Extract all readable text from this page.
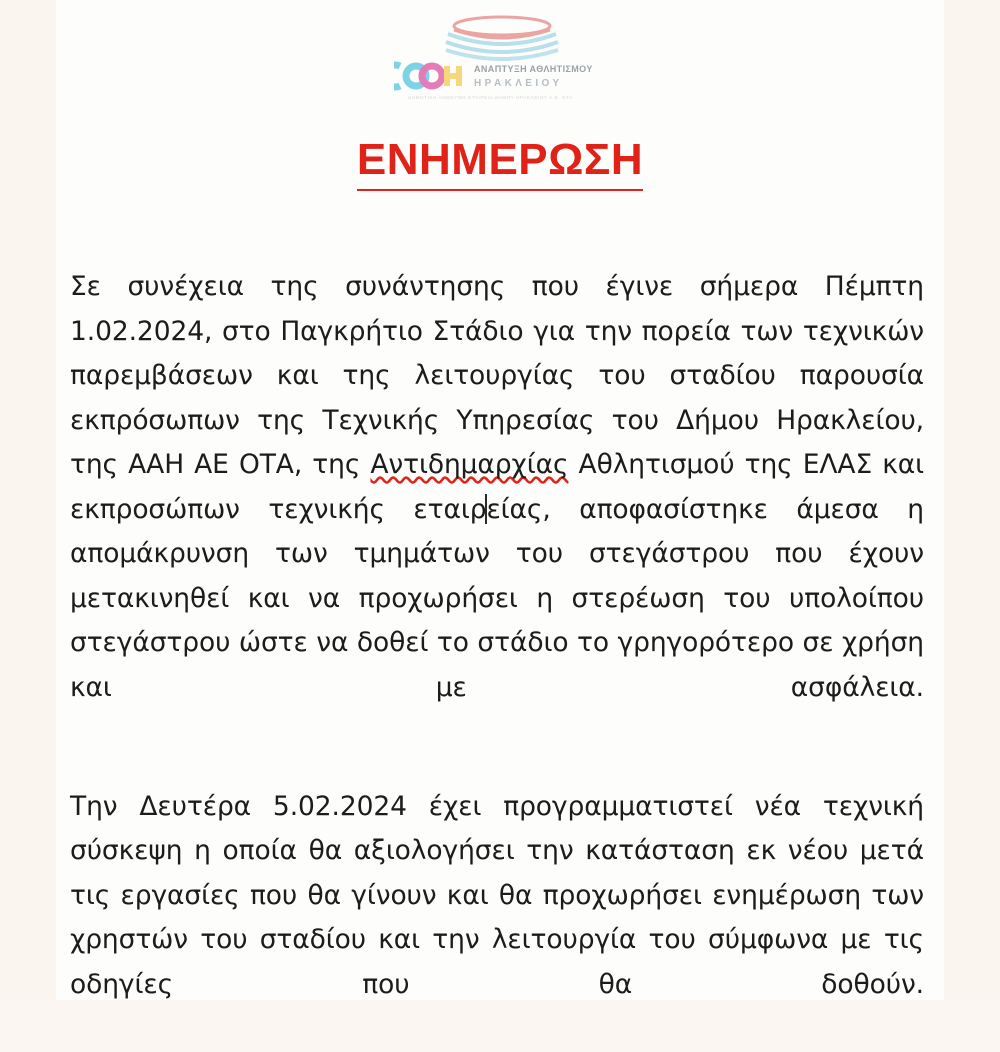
ΑΝΑΠΤΥΞΗ ΑΘΛΗΤΙΣΜΟΥ
ΗΡΑΚΛΕΙΟΥ
ΔΗΜΟΤΙΚΗ ΑΝΩΝΥΜΗ ΕΤΑΙΡΕΙΑ ΔΗΜΟΥ ΗΡΑΚΛΕΙΟΥ Α.Ε. ΟΤΑ
ΕΝΗΜΕΡΩΣΗ

Σε συνέχεια της συνάντησης που έγινε σήμερα Πέμπτη 1.02.2024, στο Παγκρήτιο Στάδιο για την πορεία των τεχνικών παρεμβάσεων και της λειτουργίας του σταδίου παρουσία εκπρόσωπων της Τεχνικής Υπηρεσίας του Δήμου Ηρακλείου, της ΑΑΗ ΑΕ ΟΤΑ, της Αντιδημαρχίας Αθλητισμού της ΕΛΑΣ και εκπροσώπων τεχνικής εταιρείας, αποφασίστηκε άμεσα η απομάκρυνση των τμημάτων του στεγάστρου που έχουν μετακινηθεί και να προχωρήσει η στερέωση του υπολοίπου στεγάστρου ώστε να δοθεί το στάδιο το γρηγορότερο σε χρήση και με ασφάλεια.

Την Δευτέρα 5.02.2024 έχει προγραμματιστεί νέα τεχνική σύσκεψη η οποία θα αξιολογήσει την κατάσταση εκ νέου μετά τις εργασίες που θα γίνουν και θα προχωρήσει ενημέρωση των χρηστών του σταδίου και την λειτουργία του σύμφωνα με τις οδηγίες που θα δοθούν.
